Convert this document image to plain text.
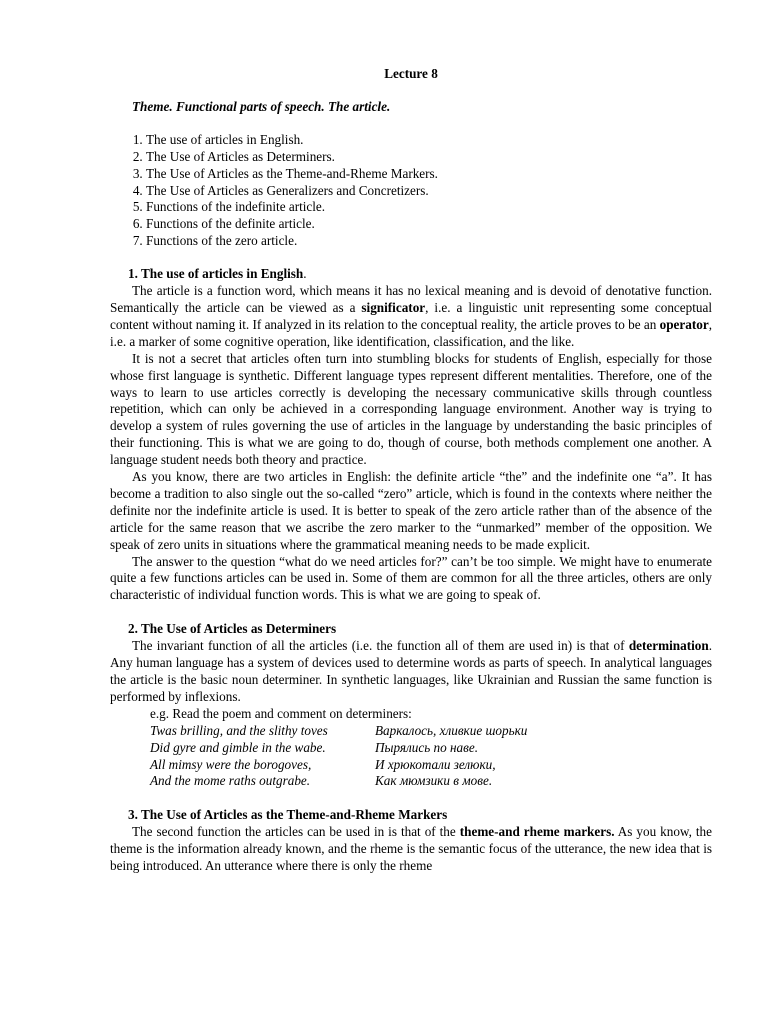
Lecture 8
Theme. Functional parts of speech. The article.
1. The use of articles in English.
2. The Use of Articles as Determiners.
3. The Use of Articles as the Theme-and-Rheme Markers.
4. The Use of Articles as Generalizers and Concretizers.
5. Functions of the indefinite article.
6. Functions of the definite article.
7. Functions of the zero article.
1. The use of articles in English.

The article is a function word, which means it has no lexical meaning and is devoid of denotative function. Semantically the article can be viewed as a significator, i.e. a linguistic unit representing some conceptual content without naming it. If analyzed in its relation to the conceptual reality, the article proves to be an operator, i.e. a marker of some cognitive operation, like identification, classification, and the like.

It is not a secret that articles often turn into stumbling blocks for students of English, especially for those whose first language is synthetic. Different language types represent different mentalities. Therefore, one of the ways to learn to use articles correctly is developing the necessary communicative skills through countless repetition, which can only be achieved in a corresponding language environment. Another way is trying to develop a system of rules governing the use of articles in the language by understanding the basic principles of their functioning. This is what we are going to do, though of course, both methods complement one another. A language student needs both theory and practice.

As you know, there are two articles in English: the definite article “the” and the indefinite one “a”. It has become a tradition to also single out the so-called “zero” article, which is found in the contexts where neither the definite nor the indefinite article is used. It is better to speak of the zero article rather than of the absence of the article for the same reason that we ascribe the zero marker to the “unmarked” member of the opposition. We speak of zero units in situations where the grammatical meaning needs to be made explicit.

The answer to the question “what do we need articles for?” can’t be too simple. We might have to enumerate quite a few functions articles can be used in. Some of them are common for all the three articles, others are only characteristic of individual function words. This is what we are going to speak of.

2. The Use of Articles as Determiners

The invariant function of all the articles (i.e. the function all of them are used in) is that of determination. Any human language has a system of devices used to determine words as parts of speech. In analytical languages the article is the basic noun determiner. In synthetic languages, like Ukrainian and Russian the same function is performed by inflexions.

e.g. Read the poem and comment on determiners:
Twas brilling, and the slithy toves	Варкалось, хливкие шорьки
Did gyre and gimble in the wabe.	Пырялись по наве.
All mimsy were the borogoves,	И хрюкотали зелюки,
And the mome raths outgrabe.	Как мюмзики в мове.
3. The Use of Articles as the Theme-and-Rheme Markers

The second function the articles can be used in is that of the theme-and rheme markers. As you know, the theme is the information already known, and the rheme is the semantic focus of the utterance, the new idea that is being introduced. An utterance where there is only the rheme
